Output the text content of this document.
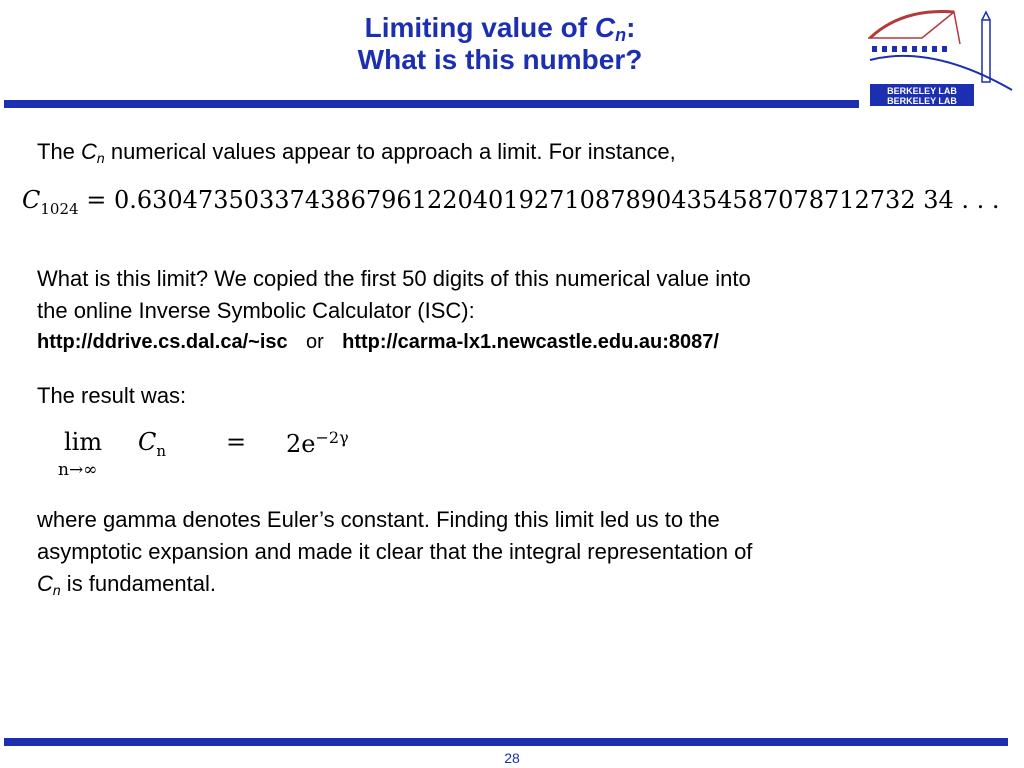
Limiting value of $C_n$:
What is this number?
BERKELEY LAB
BERKELEY LAB
The $C_n$ numerical values appear to approach a limit. For instance,
$C_{1024} = 0.630473503374386796122040192710878904354587078712732$ 34 . . .
What is this limit? We copied the first 50 digits of this numerical value into
the online Inverse Symbolic Calculator (ISC):
http://ddrive.cs.dal.ca/~isc or http://carma-lx1.newcastle.edu.au:8087/
The result was:
lim
n→∞
$C_n = 2e^{-2\gamma}$
where gamma denotes Euler’s constant. Finding this limit led us to the
asymptotic expansion and made it clear that the integral representation of
$C_n$ is fundamental.
28
